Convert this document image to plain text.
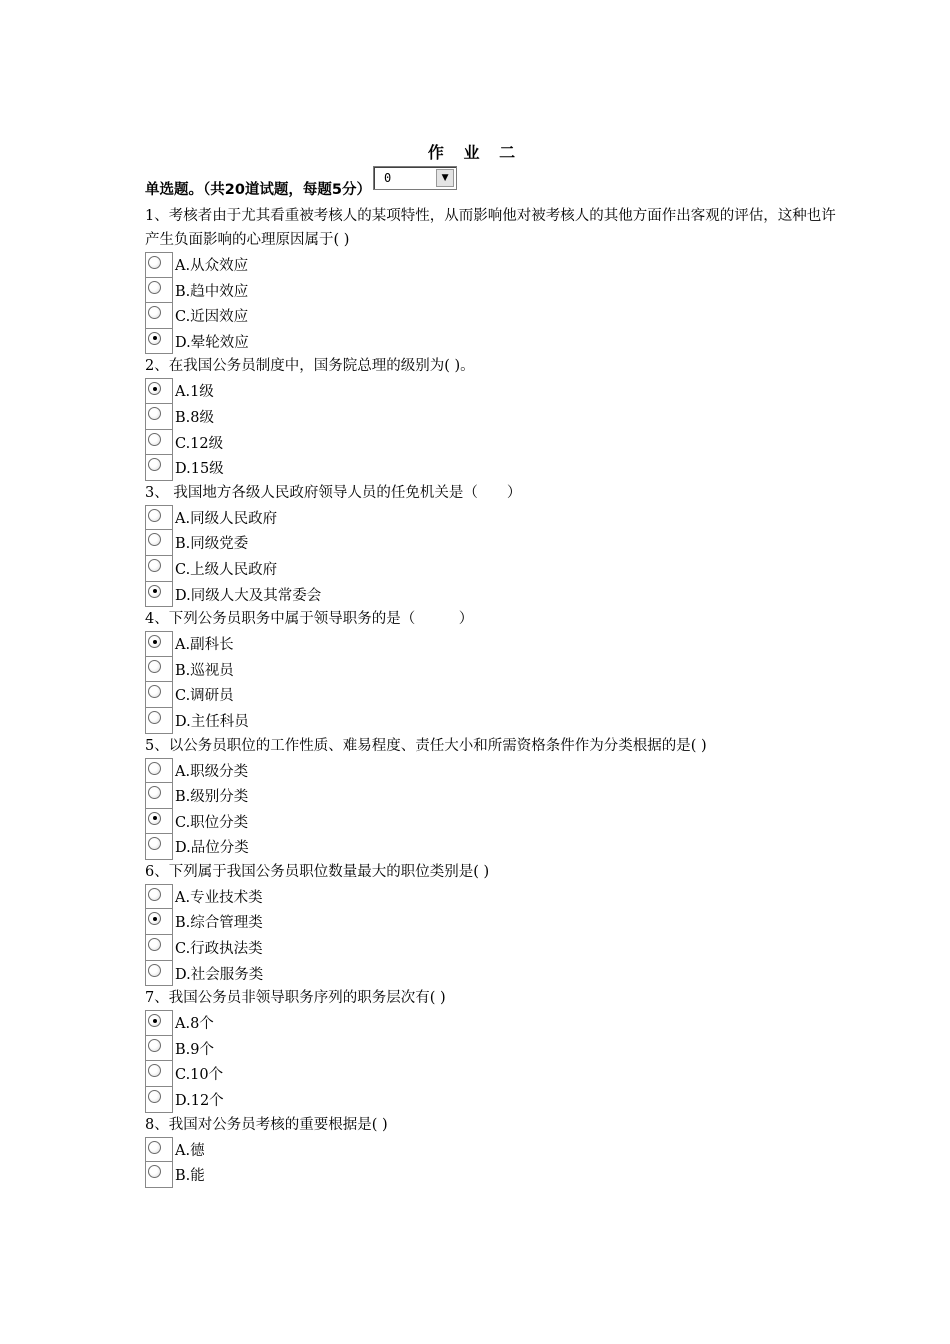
作 业 二
单选题。（共20道试题，每题5分）
0	▼
1、考核者由于尤其看重被考核人的某项特性，从而影响他对被考核人的其他方面作出客观的评估，这种也许产生负面影响的心理原因属于( )
A.从众效应
B.趋中效应
C.近因效应
D.晕轮效应
2、在我国公务员制度中，国务院总理的级别为( )。
A.1级
B.8级
C.12级
D.15级
3、 我国地方各级人民政府领导人员的任免机关是（　　）
A.同级人民政府
B.同级党委
C.上级人民政府
D.同级人大及其常委会
4、下列公务员职务中属于领导职务的是（　　　）
A.副科长
B.巡视员
C.调研员
D.主任科员
5、以公务员职位的工作性质、难易程度、责任大小和所需资格条件作为分类根据的是( )
A.职级分类
B.级别分类
C.职位分类
D.品位分类
6、下列属于我国公务员职位数量最大的职位类别是( )
A.专业技术类
B.综合管理类
C.行政执法类
D.社会服务类
7、我国公务员非领导职务序列的职务层次有( )
A.8个
B.9个
C.10个
D.12个
8、我国对公务员考核的重要根据是( )
A.德
B.能
